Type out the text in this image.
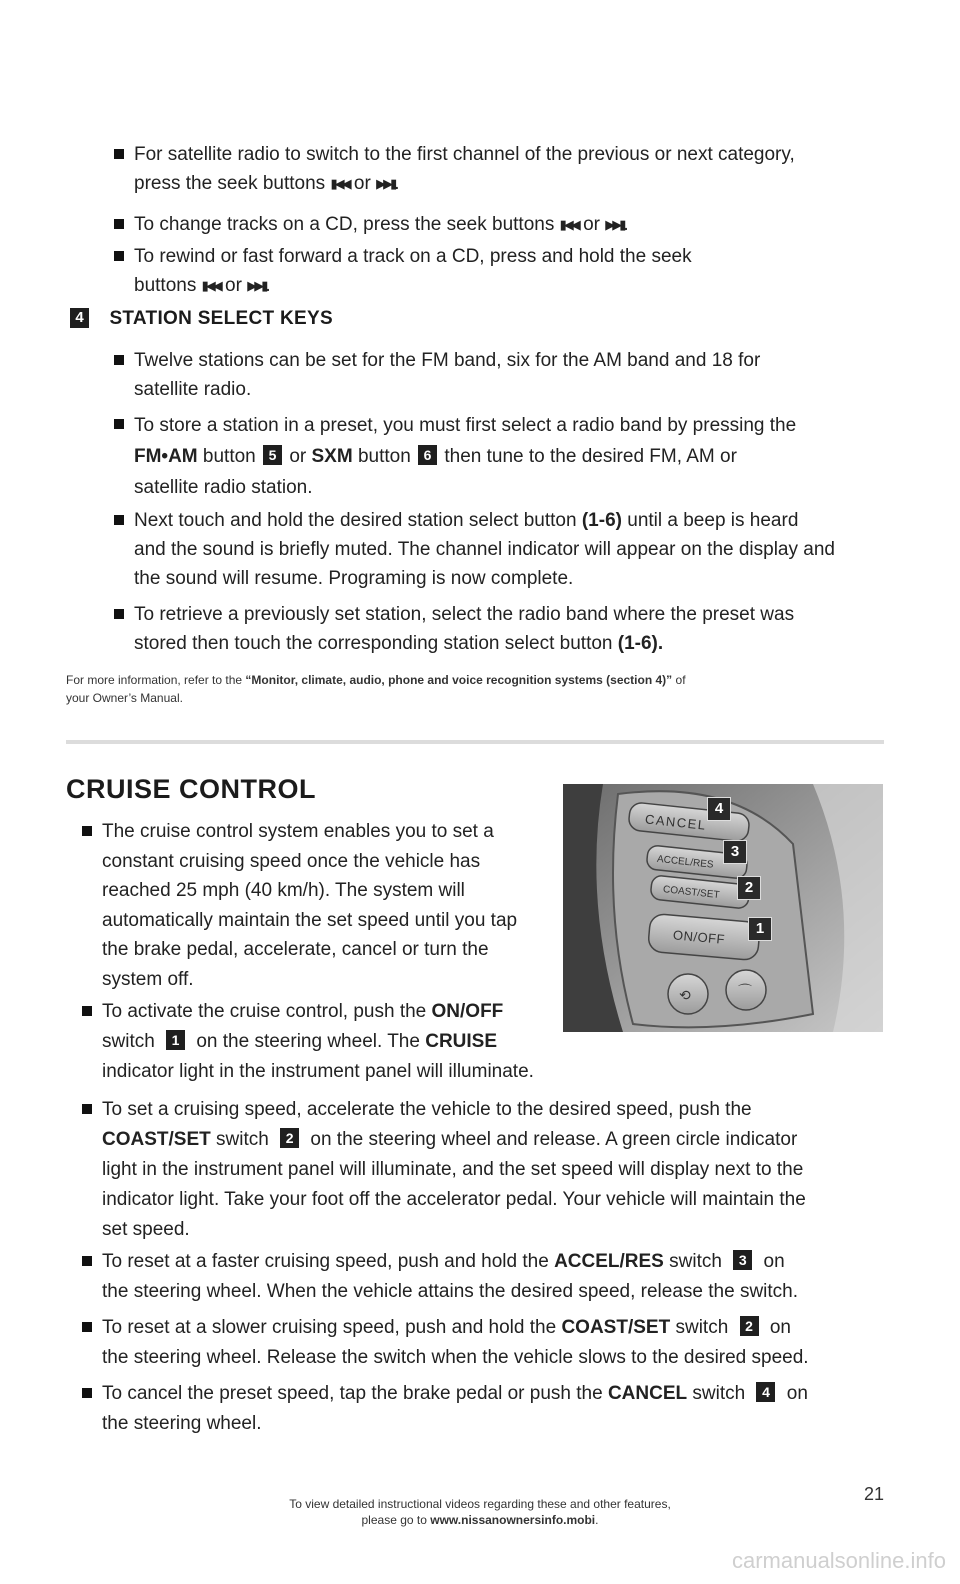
For satellite radio to switch to the first channel of the previous or next category,
press the seek buttons ▮◀◀ or ▶▶▮.
To change tracks on a CD, press the seek buttons ▮◀◀ or ▶▶▮.
To rewind or fast forward a track on a CD, press and hold the seek
buttons ▮◀◀ or ▶▶▮.
4 STATION SELECT KEYS
Twelve stations can be set for the FM band, six for the AM band and 18 for
satellite radio.
To store a station in a preset, you must first select a radio band by pressing the
FM•AM button 5 or SXM button 6 then tune to the desired FM, AM or
satellite radio station.
Next touch and hold the desired station select button (1-6) until a beep is heard
and the sound is briefly muted. The channel indicator will appear on the display and
the sound will resume. Programing is now complete.
To retrieve a previously set station, select the radio band where the preset was
stored then touch the corresponding station select button (1-6).
For more information, refer to the “Monitor, climate, audio, phone and voice recognition systems (section 4)” of
your Owner’s Manual.
CRUISE CONTROL
The cruise control system enables you to set a
constant cruising speed once the vehicle has
reached 25 mph (40 km/h). The system will
automatically maintain the set speed until you tap
the brake pedal, accelerate, cancel or turn the
system off.
To activate the cruise control, push the ON/OFF
switch 1 on the steering wheel. The CRUISE
indicator light in the instrument panel will illuminate.
CANCEL
ACCEL/RES
COAST/SET
ON/OFF
⟲	⌒
4
3
2
1
To set a cruising speed, accelerate the vehicle to the desired speed, push the
COAST/SET switch 2 on the steering wheel and release. A green circle indicator
light in the instrument panel will illuminate, and the set speed will display next to the
indicator light. Take your foot off the accelerator pedal. Your vehicle will maintain the
set speed.
To reset at a faster cruising speed, push and hold the ACCEL/RES switch 3 on
the steering wheel. When the vehicle attains the desired speed, release the switch.
To reset at a slower cruising speed, push and hold the COAST/SET switch 2 on
the steering wheel. Release the switch when the vehicle slows to the desired speed.
To cancel the preset speed, tap the brake pedal or push the CANCEL switch 4 on
the steering wheel.
21
To view detailed instructional videos regarding these and other features,
please go to www.nissanownersinfo.mobi.
carmanualsonline.info
